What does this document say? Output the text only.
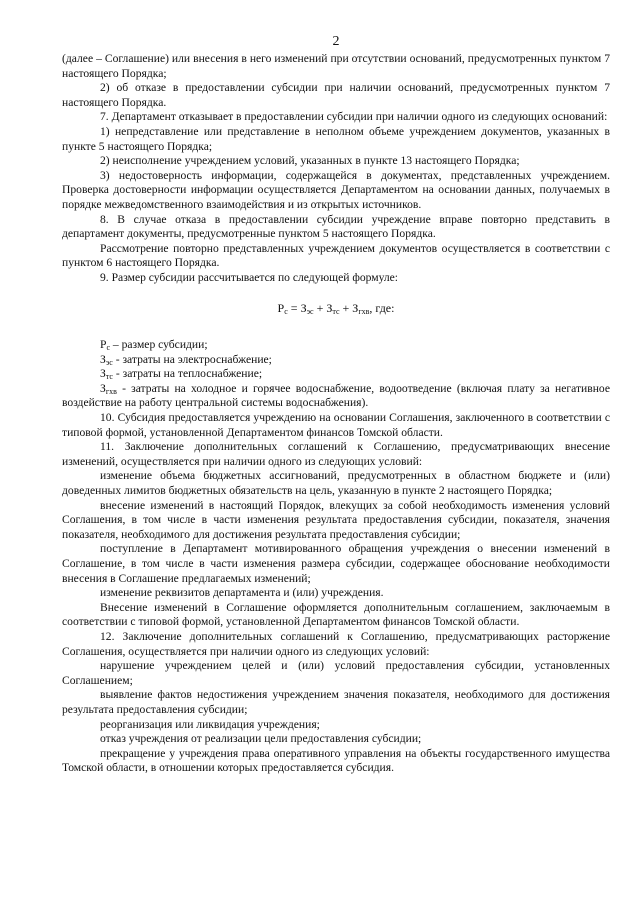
2

(далее – Соглашение) или внесения в него изменений при отсутствии оснований, предусмотренных пунктом 7 настоящего Порядка;

2) об отказе в предоставлении субсидии при наличии оснований, предусмотренных пунктом 7 настоящего Порядка.

7. Департамент отказывает в предоставлении субсидии при наличии одного из следующих оснований:

1) непредставление или представление в неполном объеме учреждением документов, указанных в пункте 5 настоящего Порядка;

2) неисполнение учреждением условий, указанных в пункте 13 настоящего Порядка;

3) недостоверность информации, содержащейся в документах, представленных учреждением. Проверка достоверности информации осуществляется Департаментом на основании данных, получаемых в порядке межведомственного взаимодействия и из открытых источников.

8. В случае отказа в предоставлении субсидии учреждение вправе повторно представить в департамент документы, предусмотренные пунктом 5 настоящего Порядка.

Рассмотрение повторно представленных учреждением документов осуществляется в соответствии с пунктом 6 настоящего Порядка.

9. Размер субсидии рассчитывается по следующей формуле:

$Р_с = З_{эс} + З_{тс} + З_{гхв}$, где:

$Р_с$ – размер субсидии;

$З_{эс}$ - затраты на электроснабжение;

$З_{тс}$ - затраты на теплоснабжение;

$З_{гхв}$ - затраты на холодное и горячее водоснабжение, водоотведение (включая плату за негативное воздействие на работу центральной системы водоснабжения).

10. Субсидия предоставляется учреждению на основании Соглашения, заключенного в соответствии с типовой формой, установленной Департаментом финансов Томской области.

11. Заключение дополнительных соглашений к Соглашению, предусматривающих внесение изменений, осуществляется при наличии одного из следующих условий:

изменение объема бюджетных ассигнований, предусмотренных в областном бюджете и (или) доведенных лимитов бюджетных обязательств на цель, указанную в пункте 2 настоящего Порядка;

внесение изменений в настоящий Порядок, влекущих за собой необходимость изменения условий Соглашения, в том числе в части изменения результата предоставления субсидии, показателя, значения показателя, необходимого для достижения результата предоставления субсидии;

поступление в Департамент мотивированного обращения учреждения о внесении изменений в Соглашение, в том числе в части изменения размера субсидии, содержащее обоснование необходимости внесения в Соглашение предлагаемых изменений;

изменение реквизитов департамента и (или) учреждения.

Внесение изменений в Соглашение оформляется дополнительным соглашением, заключаемым в соответствии с типовой формой, установленной Департаментом финансов Томской области.

12. Заключение дополнительных соглашений к Соглашению, предусматривающих расторжение Соглашения, осуществляется при наличии одного из следующих условий:

нарушение учреждением целей и (или) условий предоставления субсидии, установленных Соглашением;

выявление фактов недостижения учреждением значения показателя, необходимого для достижения результата предоставления субсидии;

реорганизация или ликвидация учреждения;

отказ учреждения от реализации цели предоставления субсидии;

прекращение у учреждения права оперативного управления на объекты государственного имущества Томской области, в отношении которых предоставляется субсидия.
